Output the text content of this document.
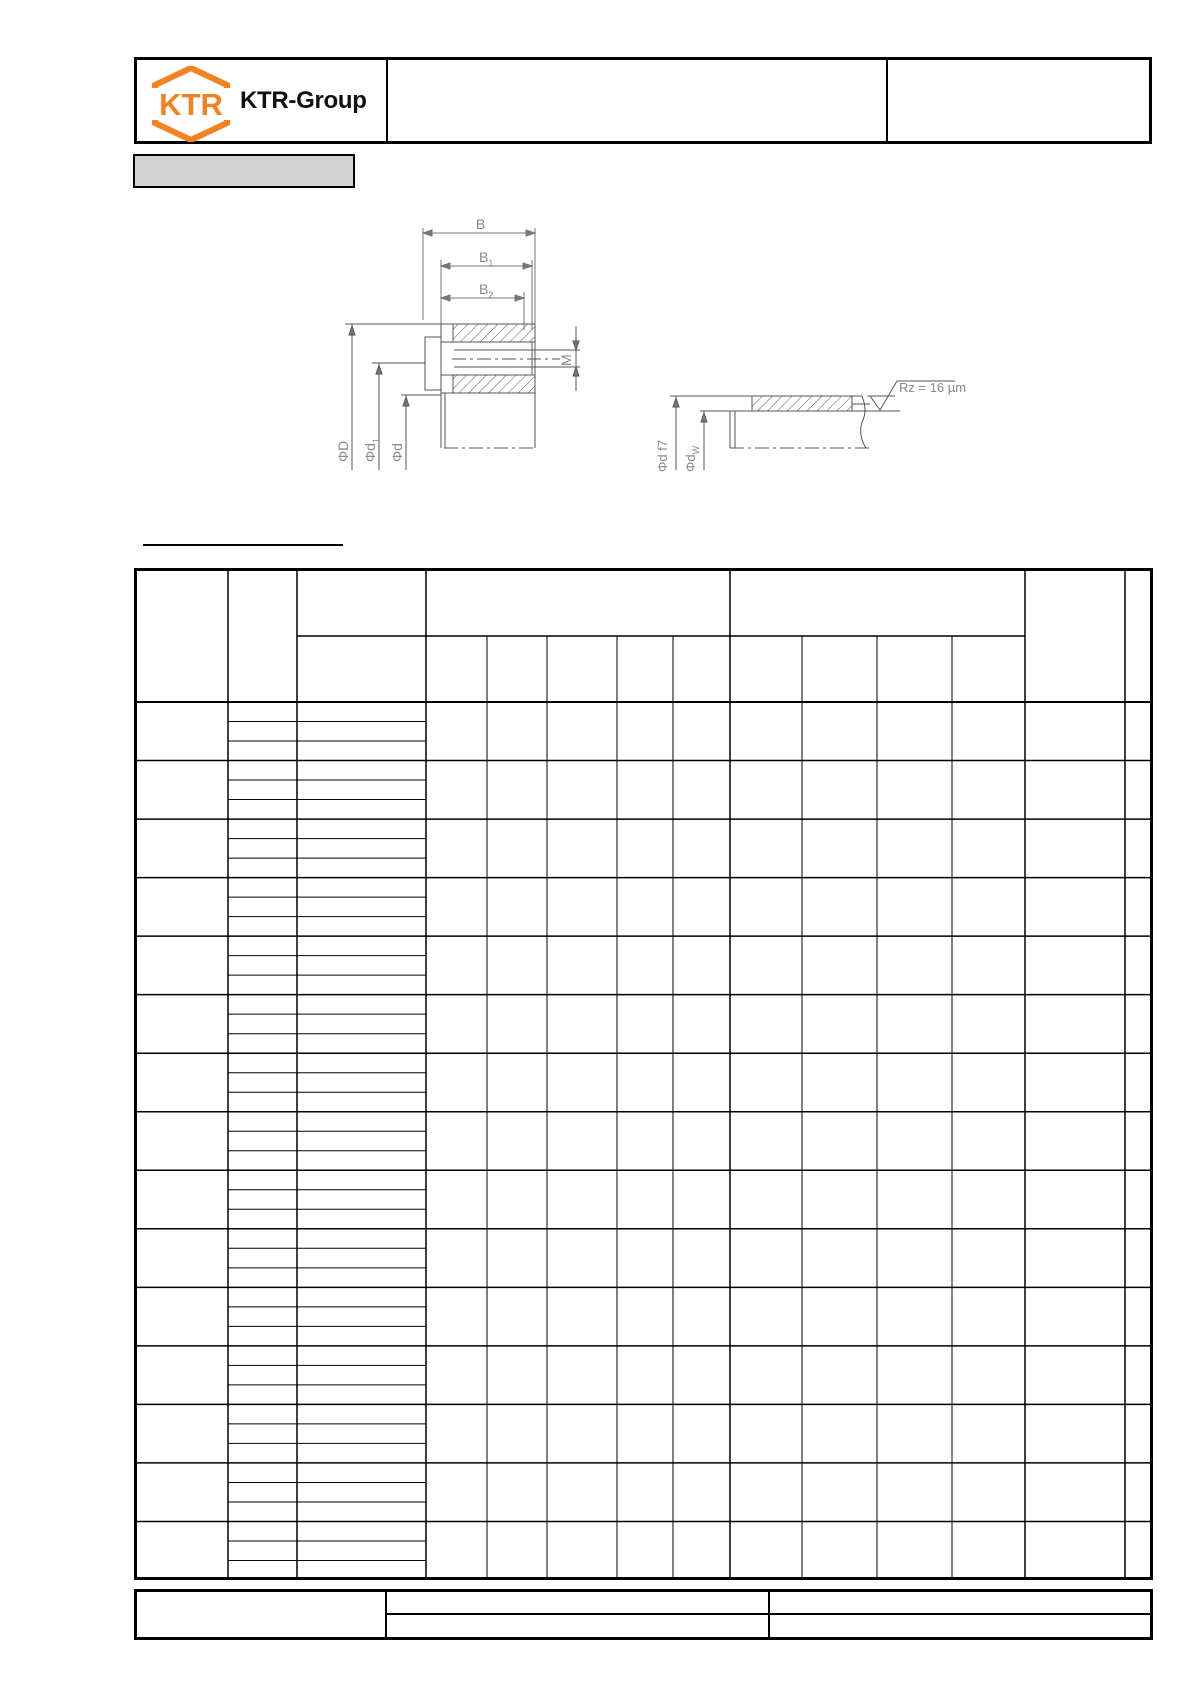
KTR KTR-Group
B
$B_1$
$B_2$
M
ΦD $\Phi d_1$
Φd
Rz = 16 µm
Φd f7 $\Phi d_W$
